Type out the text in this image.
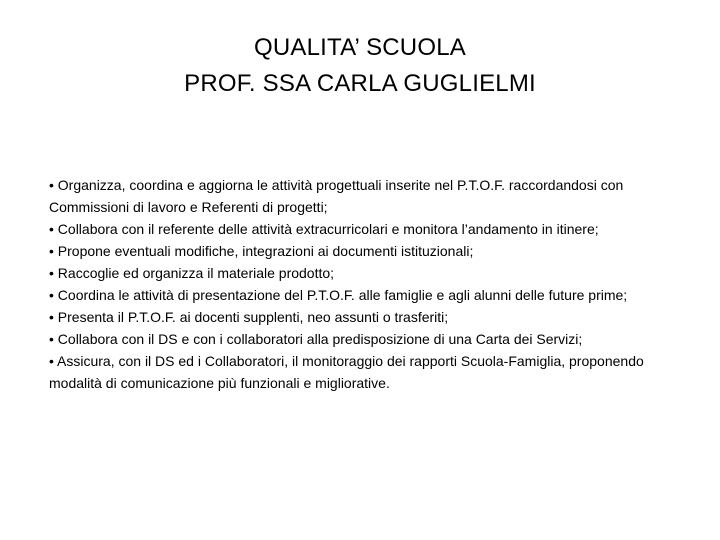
QUALITA’ SCUOLA
PROF. SSA CARLA GUGLIELMI

• Organizza, coordina e aggiorna le attività progettuali inserite nel P.T.O.F. raccordandosi con Commissioni di lavoro e Referenti di progetti;

• Collabora con il referente delle attività extracurricolari e monitora l’andamento in itinere;

• Propone eventuali modifiche, integrazioni ai documenti istituzionali;

• Raccoglie ed organizza il materiale prodotto;

• Coordina le attività di presentazione del P.T.O.F. alle famiglie e agli alunni delle future prime;

• Presenta il P.T.O.F. ai docenti supplenti, neo assunti o trasferiti;

• Collabora con il DS e con i collaboratori alla predisposizione di una Carta dei Servizi;

• Assicura, con il DS ed i Collaboratori, il monitoraggio dei rapporti Scuola-Famiglia, proponendo modalità di comunicazione più funzionali e migliorative.
